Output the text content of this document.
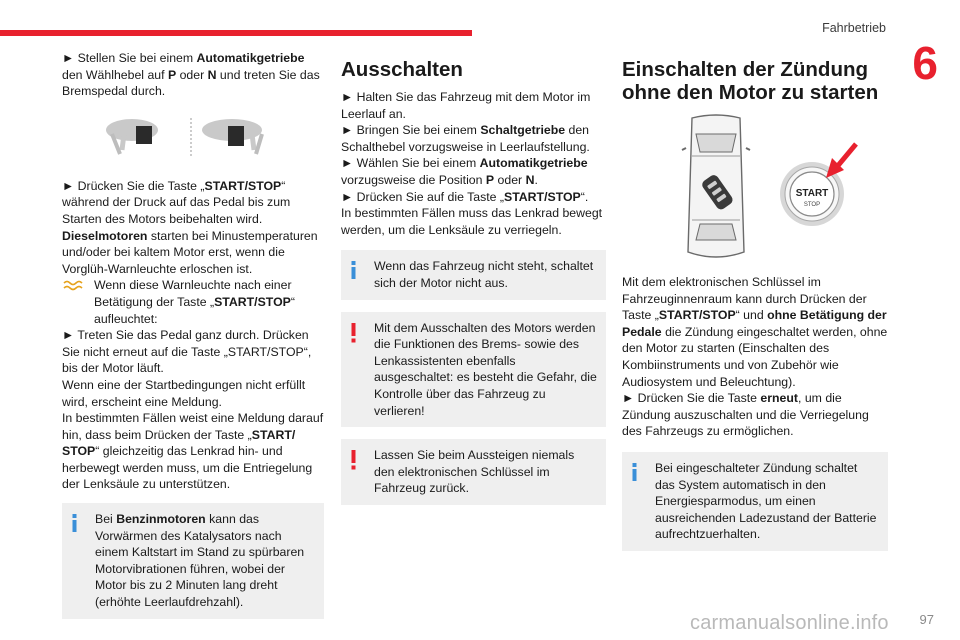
Fahrbetrieb
6

► Stellen Sie bei einem Automatikgetriebe den Wählhebel auf P oder N und treten Sie das Bremspedal durch.

► Drücken Sie die Taste „START/STOP“ während der Druck auf das Pedal bis zum Starten des Motors beibehalten wird.

Dieselmotoren starten bei Minustemperaturen und/oder bei kaltem Motor erst, wenn die Vorglüh-Warnleuchte erloschen ist.

Wenn diese Warnleuchte nach einer Betätigung der Taste „START/STOP“ aufleuchtet:

► Treten Sie das Pedal ganz durch. Drücken Sie nicht erneut auf die Taste „START/STOP“, bis der Motor läuft.

Wenn eine der Startbedingungen nicht erfüllt wird, erscheint eine Meldung.

In bestimmten Fällen weist eine Meldung darauf hin, dass beim Drücken der Taste „START/ STOP“ gleichzeitig das Lenkrad hin- und herbewegt werden muss, um die Entriegelung der Lenksäule zu unterstützen.

Bei Benzinmotoren kann das Vorwärmen des Katalysators nach einem Kaltstart im Stand zu spürbaren Motorvibrationen führen, wobei der Motor bis zu 2 Minuten lang dreht (erhöhte Leerlaufdrehzahl).

Ausschalten

► Halten Sie das Fahrzeug mit dem Motor im Leerlauf an.

► Bringen Sie bei einem Schaltgetriebe den Schalthebel vorzugsweise in Leerlaufstellung.

► Wählen Sie bei einem Automatikgetriebe vorzugsweise die Position P oder N.

► Drücken Sie auf die Taste „START/STOP“.

In bestimmten Fällen muss das Lenkrad bewegt werden, um die Lenksäule zu verriegeln.

Wenn das Fahrzeug nicht steht, schaltet sich der Motor nicht aus.

Mit dem Ausschalten des Motors werden die Funktionen des Brems- sowie des Lenkassistenten ebenfalls ausgeschaltet: es besteht die Gefahr, die Kontrolle über das Fahrzeug zu verlieren!

Lassen Sie beim Aussteigen niemals den elektronischen Schlüssel im Fahrzeug zurück.

Einschalten der Zündung ohne den Motor zu starten
START
STOP

Mit dem elektronischen Schlüssel im Fahrzeuginnenraum kann durch Drücken der Taste „START/STOP“ und ohne Betätigung der Pedale die Zündung eingeschaltet werden, ohne den Motor zu starten (Einschalten des Kombiinstruments und von Zubehör wie Audiosystem und Beleuchtung).

► Drücken Sie die Taste erneut, um die Zündung auszuschalten und die Verriegelung des Fahrzeugs zu ermöglichen.

Bei eingeschalteter Zündung schaltet das System automatisch in den Energiesparmodus, um einen ausreichenden Ladezustand der Batterie aufrechtzuerhalten.

carmanualsonline.info 97
